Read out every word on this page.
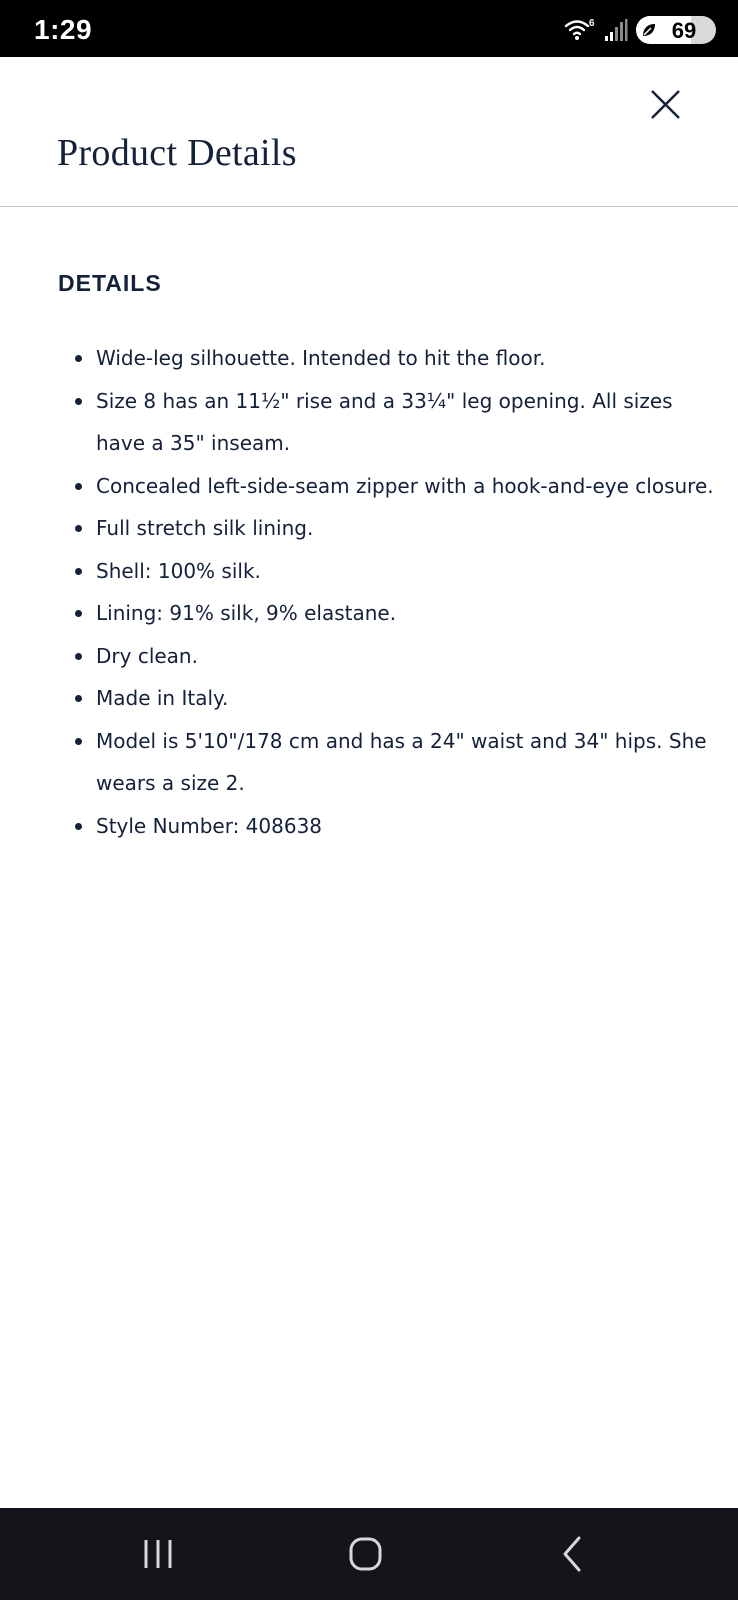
1:29	6	69
Product Details
DETAILS
Wide-leg silhouette. Intended to hit the floor.
Size 8 has an 11½" rise and a 33¼" leg opening. All sizes have a 35" inseam.
Concealed left-side-seam zipper with a hook-and-eye closure.
Full stretch silk lining.
Shell: 100% silk.
Lining: 91% silk, 9% elastane.
Dry clean.
Made in Italy.
Model is 5'10"/178 cm and has a 24" waist and 34" hips. She wears a size 2.
Style Number: 408638
